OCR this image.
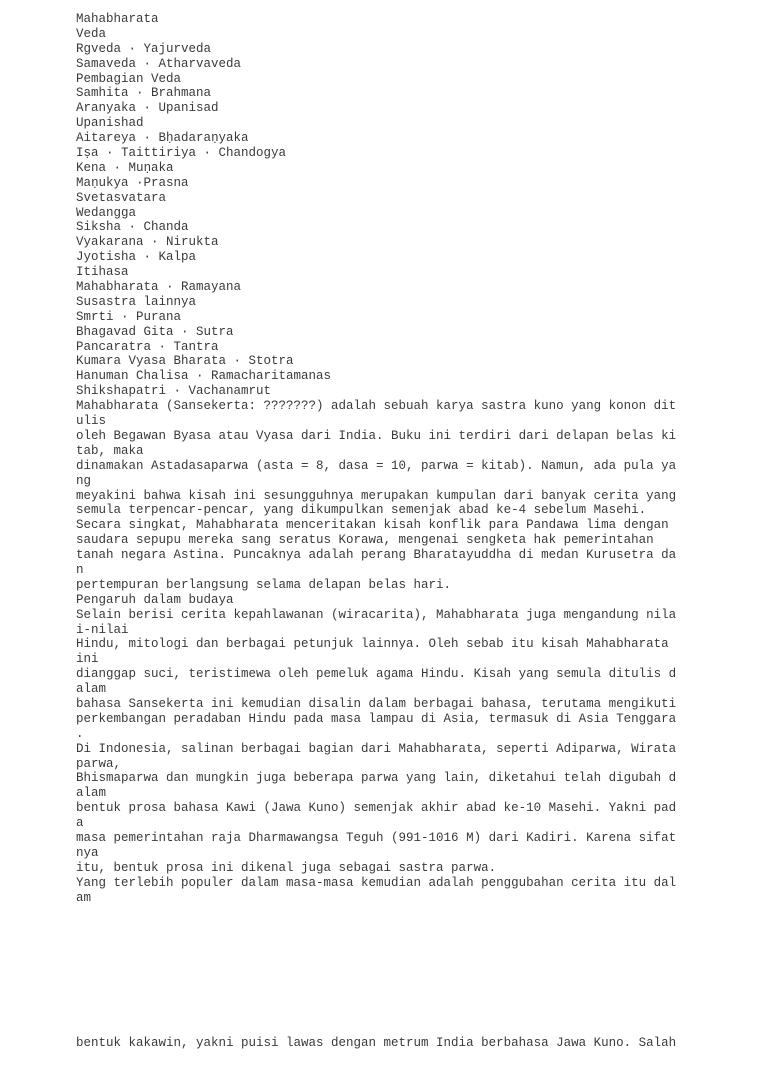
Mahabharata
Veda
Rgveda · Yajurveda
Samaveda · Atharvaveda
Pembagian Veda
Samhita · Brahmana
Aranyaka · Upanisad
Upanishad
Aitareya · Bḥadaraṇyaka
Iṣa · Taittiriya · Chandogya
Kena · Muṇaka
Maṇukya ·Prasna
Svetasvatara
Wedangga
Siksha · Chanda
Vyakarana · Nirukta
Jyotisha · Kalpa
Itihasa
Mahabharata · Ramayana
Susastra lainnya
Smrti · Purana
Bhagavad Gita · Sutra
Pancaratra · Tantra
Kumara Vyasa Bharata · Stotra
Hanuman Chalisa · Ramacharitamanas
Shikshapatri · Vachanamrut
Mahabharata (Sansekerta: ???????) adalah sebuah karya sastra kuno yang konon dit
ulis
oleh Begawan Byasa atau Vyasa dari India. Buku ini terdiri dari delapan belas ki
tab, maka
dinamakan Astadasaparwa (asta = 8, dasa = 10, parwa = kitab). Namun, ada pula ya
ng
meyakini bahwa kisah ini sesungguhnya merupakan kumpulan dari banyak cerita yang
semula terpencar-pencar, yang dikumpulkan semenjak abad ke-4 sebelum Masehi.
Secara singkat, Mahabharata menceritakan kisah konflik para Pandawa lima dengan
saudara sepupu mereka sang seratus Korawa, mengenai sengketa hak pemerintahan
tanah negara Astina. Puncaknya adalah perang Bharatayuddha di medan Kurusetra da
n
pertempuran berlangsung selama delapan belas hari.
Pengaruh dalam budaya
Selain berisi cerita kepahlawanan (wiracarita), Mahabharata juga mengandung nila
i-nilai
Hindu, mitologi dan berbagai petunjuk lainnya. Oleh sebab itu kisah Mahabharata
ini
dianggap suci, teristimewa oleh pemeluk agama Hindu. Kisah yang semula ditulis d
alam
bahasa Sansekerta ini kemudian disalin dalam berbagai bahasa, terutama mengikuti
perkembangan peradaban Hindu pada masa lampau di Asia, termasuk di Asia Tenggara
.
Di Indonesia, salinan berbagai bagian dari Mahabharata, seperti Adiparwa, Wirata
parwa,
Bhismaparwa dan mungkin juga beberapa parwa yang lain, diketahui telah digubah d
alam
bentuk prosa bahasa Kawi (Jawa Kuno) semenjak akhir abad ke-10 Masehi. Yakni pad
a
masa pemerintahan raja Dharmawangsa Teguh (991-1016 M) dari Kadiri. Karena sifat
nya
itu, bentuk prosa ini dikenal juga sebagai sastra parwa.
Yang terlebih populer dalam masa-masa kemudian adalah penggubahan cerita itu dal
am

bentuk kakawin, yakni puisi lawas dengan metrum India berbahasa Jawa Kuno. Salah
